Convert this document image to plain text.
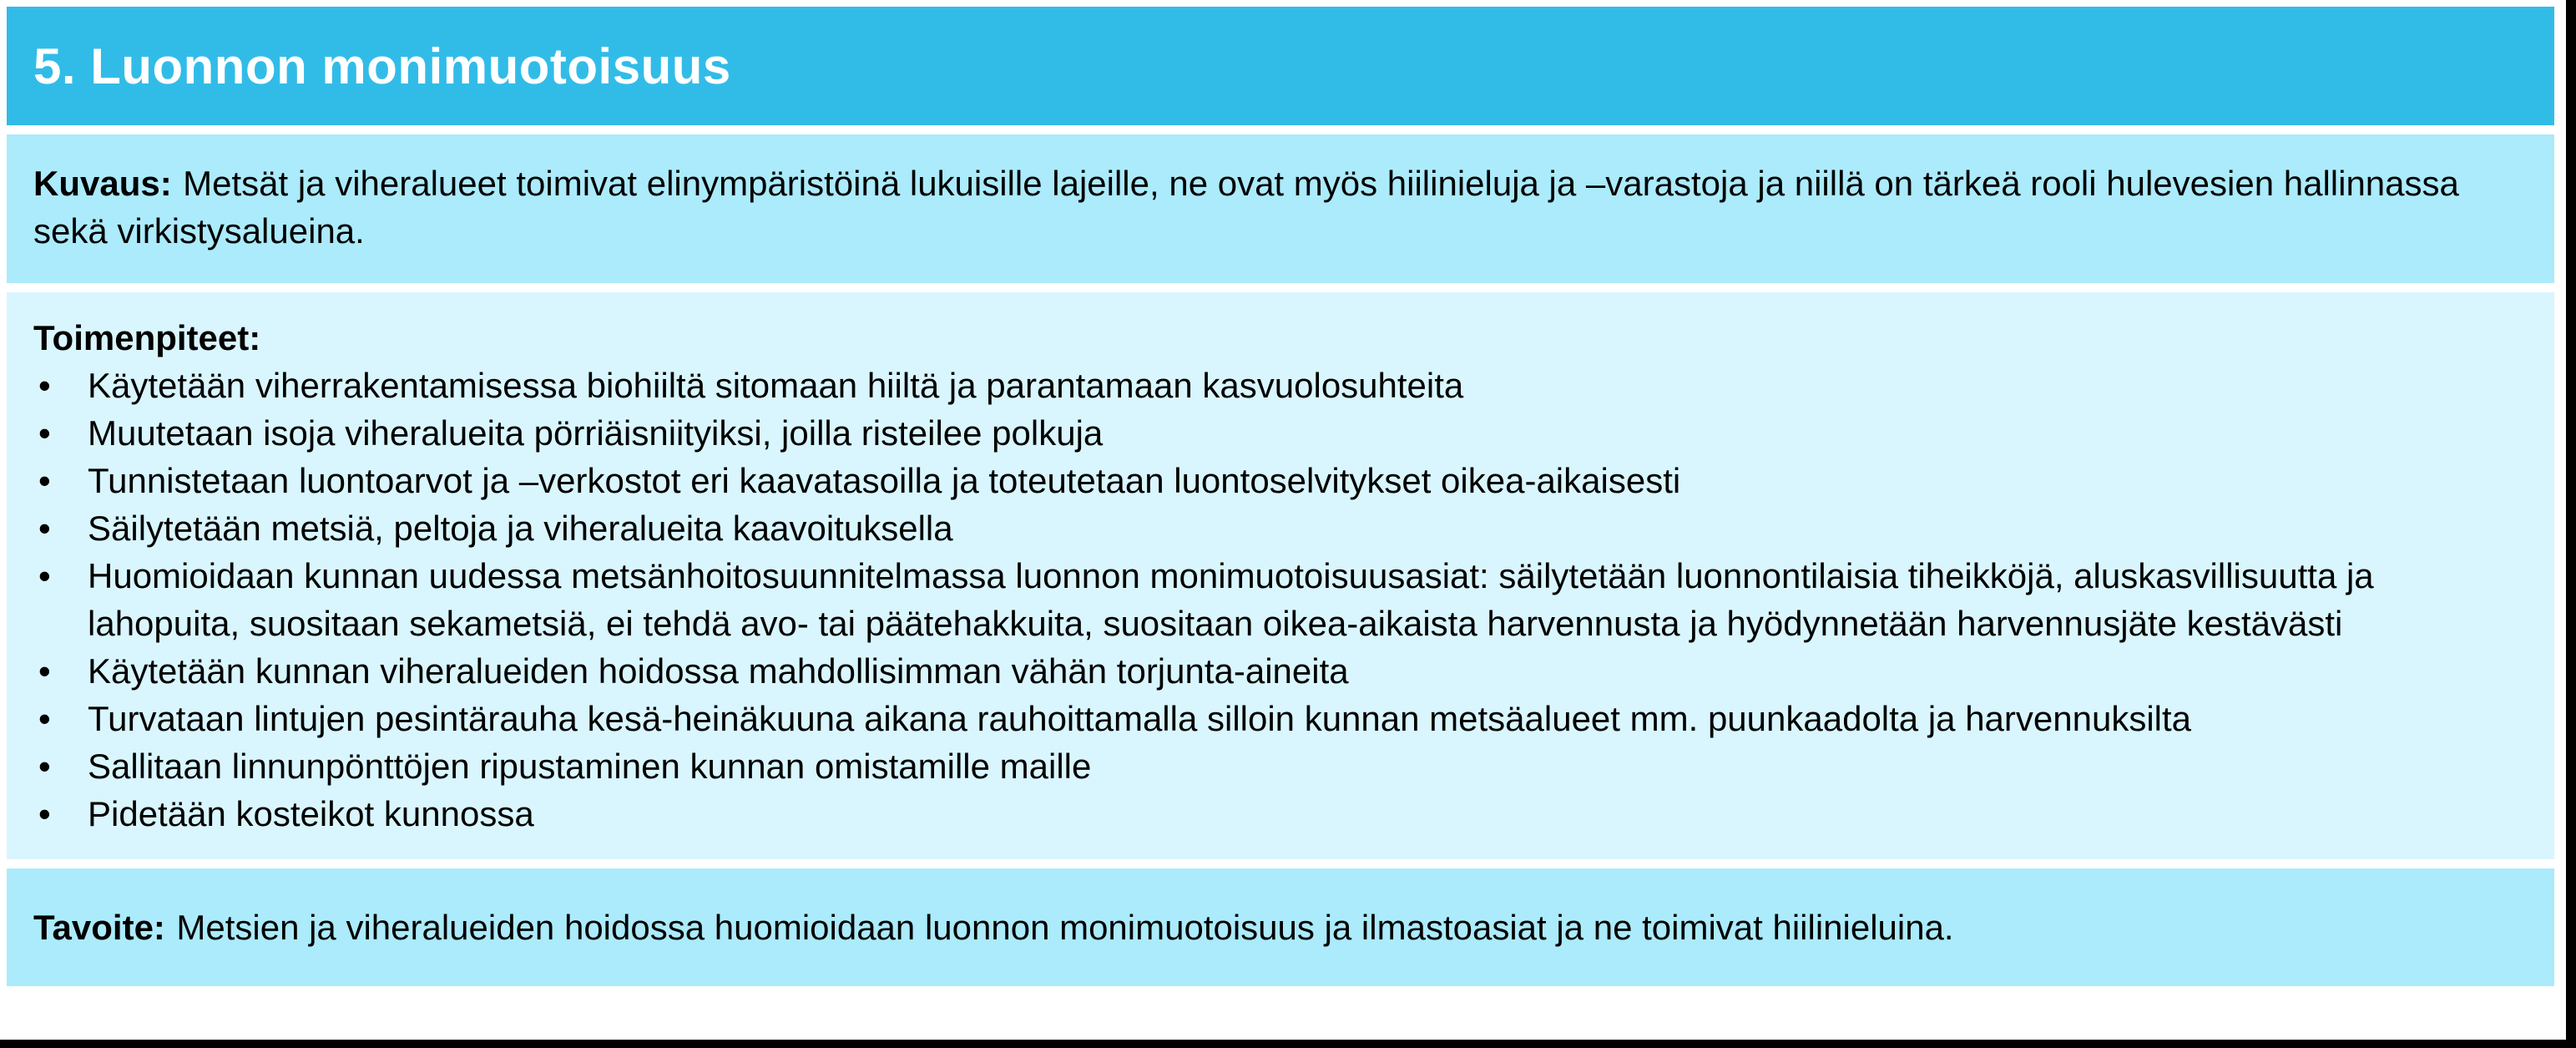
5. Luonnon monimuotoisuus
Kuvaus: Metsät ja viheralueet toimivat elinympäristöinä lukuisille lajeille, ne ovat myös hiilinieluja ja –varastoja ja niillä on tärkeä rooli hulevesien hallinnassa sekä virkistysalueina.
Toimenpiteet:
• Käytetään viherrakentamisessa biohiiltä sitomaan hiiltä ja parantamaan kasvuolosuhteita
• Muutetaan isoja viheralueita pörriäisniityiksi, joilla risteilee polkuja
• Tunnistetaan luontoarvot ja –verkostot eri kaavatasoilla ja toteutetaan luontoselvitykset oikea-aikaisesti
• Säilytetään metsiä, peltoja ja viheralueita kaavoituksella
• Huomioidaan kunnan uudessa metsänhoitosuunnitelmassa luonnon monimuotoisuusasiat: säilytetään luonnontilaisia tiheikköjä, aluskasvillisuutta ja lahopuita, suositaan sekametsiä, ei tehdä avo- tai päätehakkuita, suositaan oikea-aikaista harvennusta ja hyödynnetään harvennusjäte kestävästi
• Käytetään kunnan viheralueiden hoidossa mahdollisimman vähän torjunta-aineita
• Turvataan lintujen pesintärauha kesä-heinäkuuna aikana rauhoittamalla silloin kunnan metsäalueet mm. puunkaadolta ja harvennuksilta
• Sallitaan linnunpönttöjen ripustaminen kunnan omistamille maille
• Pidetään kosteikot kunnossa
Tavoite: Metsien ja viheralueiden hoidossa huomioidaan luonnon monimuotoisuus ja ilmastoasiat ja ne toimivat hiilinieluina.
